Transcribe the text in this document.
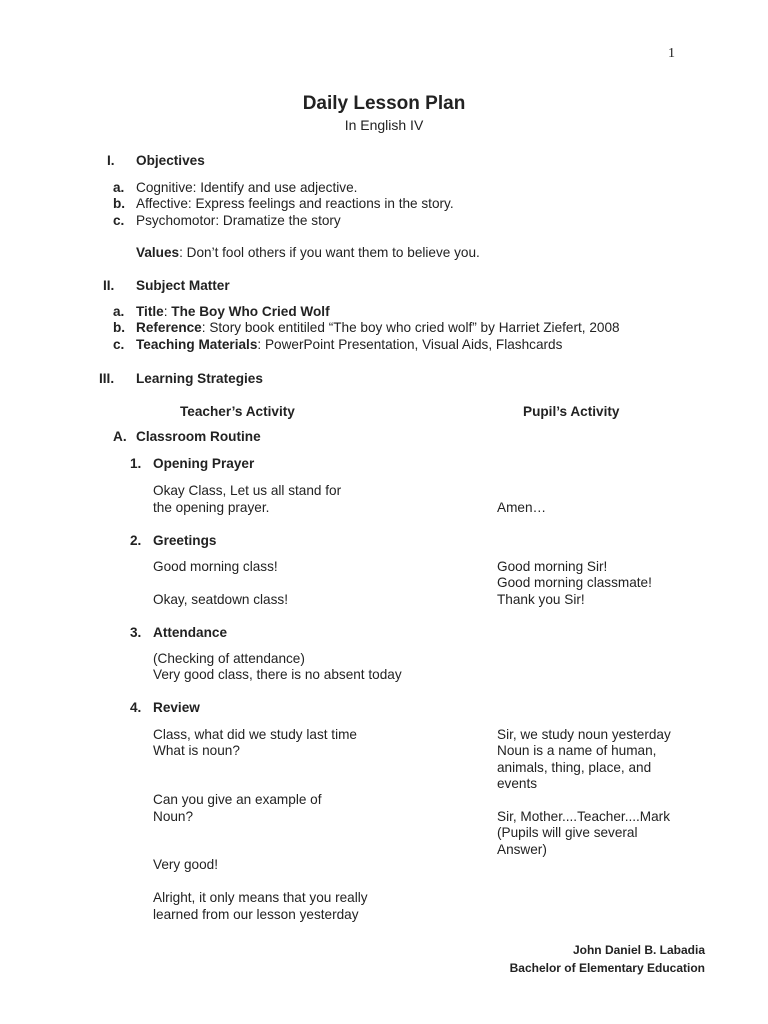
1
Daily Lesson Plan
In English IV
I. Objectives
a. Cognitive: Identify and use adjective.
b. Affective: Express feelings and reactions in the story.
c. Psychomotor: Dramatize the story
Values: Don’t fool others if you want them to believe you.
II. Subject Matter
a. Title: The Boy Who Cried Wolf
b. Reference: Story book entitiled “The boy who cried wolf” by Harriet Ziefert, 2008
c. Teaching Materials: PowerPoint Presentation, Visual Aids, Flashcards
III. Learning Strategies
Teacher’s Activity	Pupil’s Activity
A. Classroom Routine
1. Opening Prayer
Okay Class, Let us all stand for
the opening prayer.	Amen…
2. Greetings
Good morning class!
Okay, seatdown class!
Good morning Sir!
Good morning classmate!
Thank you Sir!
3. Attendance
(Checking of attendance)
Very good class, there is no absent today
4. Review
Class, what did we study last time
What is noun?
Can you give an example of
Noun?
Very good!
Alright, it only means that you really
learned from our lesson yesterday
Sir, we study noun yesterday
Noun is a name of human,
animals, thing, place, and
events
Sir, Mother....Teacher....Mark
(Pupils will give several
Answer)
John Daniel B. Labadia
Bachelor of Elementary Education
